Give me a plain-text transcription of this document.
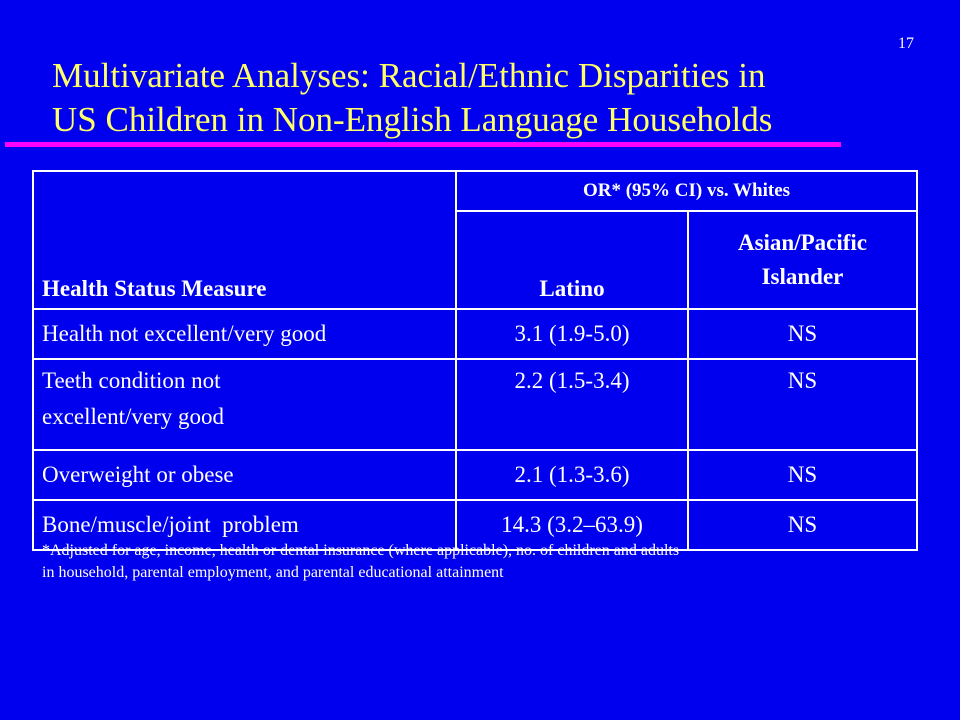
17
Multivariate Analyses: Racial/Ethnic Disparities in
US Children in Non-English Language Households
Health Status Measure	OR* (95% CI) vs. Whites	
	Latino	Asian/Pacific
Islander
Health not excellent/very good	3.1 (1.9-5.0)	NS
Teeth condition not
excellent/very good	2.2 (1.5-3.4)	NS
Overweight or obese	2.1 (1.3-3.6)	NS
Bone/muscle/joint  problem	14.3 (3.2–63.9)	NS

*Adjusted for age, income, health or dental insurance (where applicable), no. of children and adults
in household, parental employment, and parental educational attainment
